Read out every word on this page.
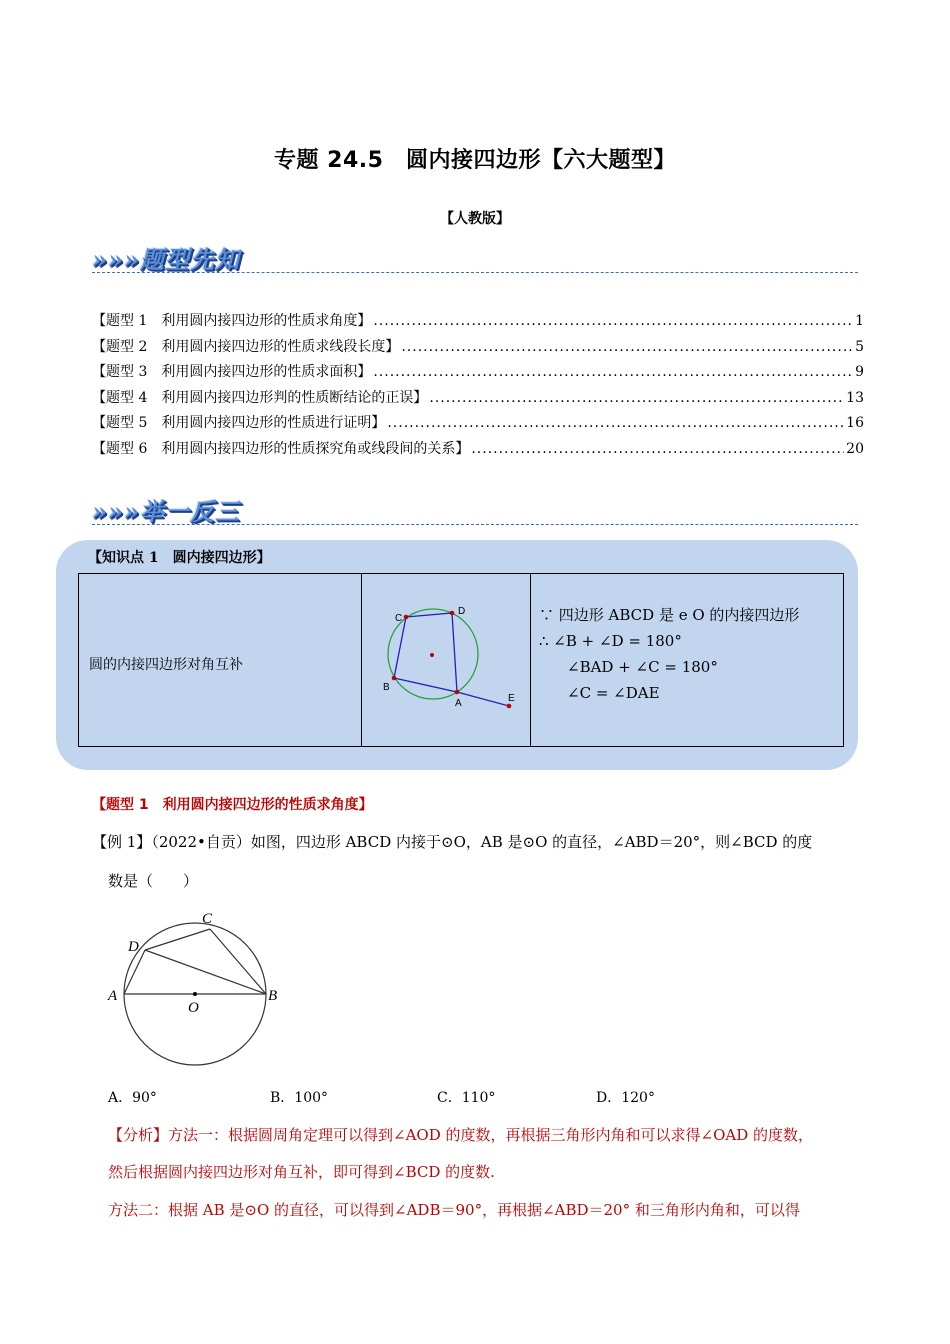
专题 24.5　圆内接四边形【六大题型】
【人教版】
»»»题型先知
【题型 1　利用圆内接四边形的性质求角度】 .....	1
【题型 2　利用圆内接四边形的性质求线段长度】 .....	5
【题型 3　利用圆内接四边形的性质求面积】 .....	9
【题型 4　利用圆内接四边形判的性质断结论的正误】 .....	13
【题型 5　利用圆内接四边形的性质进行证明】 .....	16
【题型 6　利用圆内接四边形的性质探究角或线段间的关系】 .....	20
»»»举一反三
【知识点 1　圆内接四边形】
圆的内接四边形对角互补
C
D
B
A	E
∵ 四边形 ABCD 是 e O 的内接四边形
∴ ∠B + ∠D = 180°
∠BAD + ∠C = 180°
∠C = ∠DAE
【题型 1　利用圆内接四边形的性质求角度】
【例 1】（2022•自贡）如图，四边形 ABCD 内接于⊙O，AB 是⊙O 的直径，∠ABD＝20°，则∠BCD 的度
数是（　　）
A	B
C
D
O
A．90°	B．100°	C．110°	D．120°
【分析】方法一：根据圆周角定理可以得到∠AOD 的度数，再根据三角形内角和可以求得∠OAD 的度数，
然后根据圆内接四边形对角互补，即可得到∠BCD 的度数.
方法二：根据 AB 是⊙O 的直径，可以得到∠ADB＝90°，再根据∠ABD＝20° 和三角形内角和，可以得
